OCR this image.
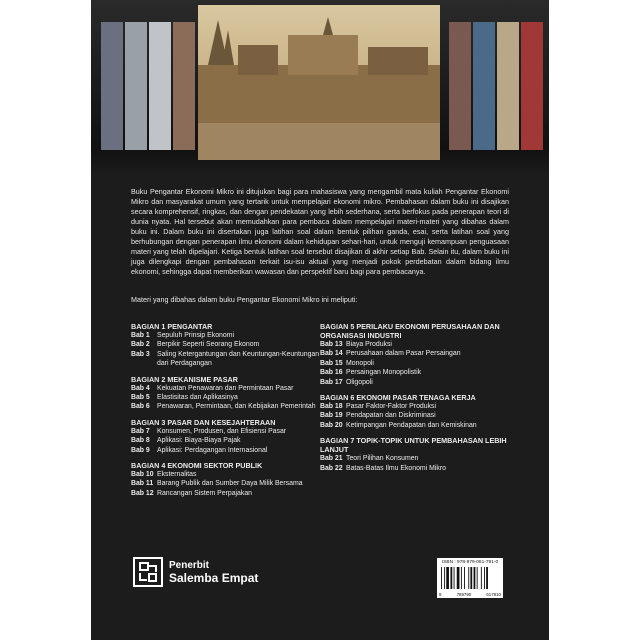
Buku Pengantar Ekonomi Mikro ini ditujukan bagi para mahasiswa yang mengambil mata kuliah Pengantar Ekonomi Mikro dan masyarakat umum yang tertarik untuk mempelajari ekonomi mikro. Pembahasan dalam buku ini disajikan secara komprehensif, ringkas, dan dengan pendekatan yang lebih sederhana, serta berfokus pada penerapan teori di dunia nyata. Hal tersebut akan memudahkan para pembaca dalam mempelajari materi-materi yang dibahas dalam buku ini. Dalam buku ini disertakan juga latihan soal dalam bentuk pilihan ganda, esai, serta latihan soal yang berhubungan dengan penerapan ilmu ekonomi dalam kehidupan sehari-hari, untuk menguji kemampuan penguasaan materi yang telah dipelajari. Ketiga bentuk latihan soal tersebut disajikan di akhir setiap Bab. Selain itu, dalam buku ini juga dilengkapi dengan pembahasan terkait isu-isu aktual yang menjadi pokok perdebatan dalam bidang ilmu ekonomi, sehingga dapat memberikan wawasan dan perspektif baru bagi para pembacanya.

Materi yang dibahas dalam buku Pengantar Ekonomi Mikro ini meliputi:

BAGIAN 1 PENGANTAR
Bab 1	Sepuluh Prinsip Ekonomi
Bab 2	Berpikir Seperti Seorang Ekonom
Bab 3	Saling Ketergantungan dan Keuntungan-Keuntungan dari Perdagangan
BAGIAN 2 MEKANISME PASAR
Bab 4	Kekuatan Penawaran dan Permintaan Pasar
Bab 5	Elastisitas dan Aplikasinya
Bab 6	Penawaran, Permintaan, dan Kebijakan Pemerintah
BAGIAN 3 PASAR DAN KESEJAHTERAAN
Bab 7	Konsumen, Produsen, dan Efisiensi Pasar
Bab 8	Aplikasi: Biaya-Biaya Pajak
Bab 9	Aplikasi: Perdagangan Internasional
BAGIAN 4 EKONOMI SEKTOR PUBLIK
Bab 10 Eksternalitas
Bab 11 Barang Publik dan Sumber Daya Milik Bersama
Bab 12 Rancangan Sistem Perpajakan
BAGIAN 5 PERILAKU EKONOMI PERUSAHAAN DAN ORGANISASI INDUSTRI
Bab 13 Biaya Produksi
Bab 14 Perusahaan dalam Pasar Persaingan
Bab 15 Monopoli
Bab 16 Persaingan Monopolistik
Bab 17 Oligopoli
BAGIAN 6 EKONOMI PASAR TENAGA KERJA
Bab 18 Pasar Faktor-Faktor Produksi
Bab 19 Pendapatan dan Diskriminasi
Bab 20 Ketimpangan Pendapatan dan Kemiskinan
BAGIAN 7 TOPIK-TOPIK UNTUK PEMBAHASAN LEBIH LANJUT
Bab 21 Teori Pilihan Konsumen
Bab 22 Batas-Batas Ilmu Ekonomi Mikro
Penerbit
Salemba Empat
ISBN : 978-979-061-781-0
9	789790	617810
